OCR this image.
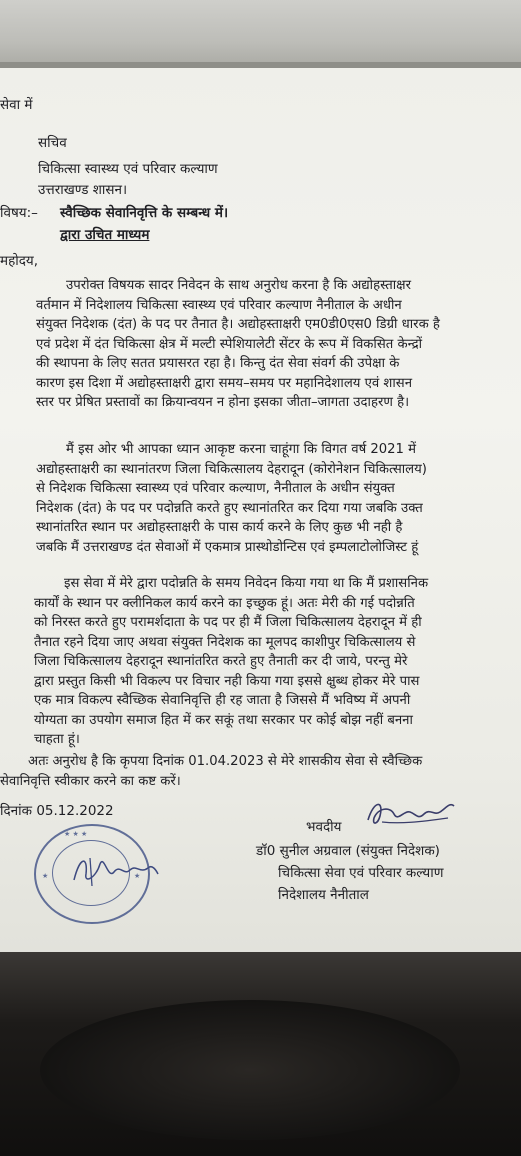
सेवा में
सचिव
चिकित्सा स्वास्थ्य एवं परिवार कल्याण
उत्तराखण्ड शासन।
विषय:– स्वैच्छिक सेवानिवृत्ति के सम्बन्ध में।
द्वारा उचित माध्यम
महोदय,
उपरोक्त विषयक सादर निवेदन के साथ अनुरोध करना है कि अद्योहस्ताक्षर
वर्तमान में निदेशालय चिकित्सा स्वास्थ्य एवं परिवार कल्याण नैनीताल के अधीन
संयुक्त निदेशक (दंत) के पद पर तैनात है। अद्योहस्ताक्षरी एम0डी0एस0 डिग्री धारक है
एवं प्रदेश में दंत चिकित्सा क्षेत्र में मल्टी स्पेशियालेटी सेंटर के रूप में विकसित केन्द्रों
की स्थापना के लिए सतत प्रयासरत रहा है। किन्तु दंत सेवा संवर्ग की उपेक्षा के
कारण इस दिशा में अद्योहस्ताक्षरी द्वारा समय–समय पर महानिदेशालय एवं शासन
स्तर पर प्रेषित प्रस्तावों का क्रियान्वयन न होना इसका जीता–जागता उदाहरण है।
मैं इस ओर भी आपका ध्यान आकृष्ट करना चाहूंगा कि विगत वर्ष 2021 में
अद्योहस्ताक्षरी का स्थानांतरण जिला चिकित्सालय देहरादून (कोरोनेशन चिकित्सालय)
से निदेशक चिकित्सा स्वास्थ्य एवं परिवार कल्याण, नैनीताल के अधीन संयुक्त
निदेशक (दंत) के पद पर पदोन्नति करते हुए स्थानांतरित कर दिया गया जबकि उक्त
स्थानांतरित स्थान पर अद्योहस्ताक्षरी के पास कार्य करने के लिए कुछ भी नही है
जबकि मैं उत्तराखण्ड दंत सेवाओं में एकमात्र प्रास्थोडोन्टिस एवं इम्पलाटोलोजिस्ट हूं
इस सेवा में मेरे द्वारा पदोन्नति के समय निवेदन किया गया था कि मैं प्रशासनिक
कार्यों के स्थान पर क्लीनिकल कार्य करने का इच्छुक हूं। अतः मेरी की गई पदोन्नति
को निरस्त करते हुए परामर्शदाता के पद पर ही मैं जिला चिकित्सालय देहरादून में ही
तैनात रहने दिया जाए अथवा संयुक्त निदेशक का मूलपद काशीपुर चिकित्सालय से
जिला चिकित्सालय देहरादून स्थानांतरित करते हुए तैनाती कर दी जाये, परन्तु मेरे
द्वारा प्रस्तुत किसी भी विकल्प पर विचार नही किया गया इससे क्षुब्ध होकर मेरे पास
एक मात्र विकल्प स्वैच्छिक सेवानिवृत्ति ही रह जाता है जिससे मैं भविष्य में अपनी
योग्यता का उपयोग समाज हित में कर सकूं तथा सरकार पर कोई बोझ नहीं बनना
चाहता हूं।
अतः अनुरोध है कि कृपया दिनांक 01.04.2023 से मेरे शासकीय सेवा से स्वैच्छिक
सेवानिवृत्ति स्वीकार करने का कष्ट करें।
दिनांक 05.12.2022
भवदीय
डॉ0 सुनील अग्रवाल (संयुक्त निदेशक)
चिकित्सा सेवा एवं परिवार कल्याण
निदेशालय नैनीताल
★ ★ ★
★	★
